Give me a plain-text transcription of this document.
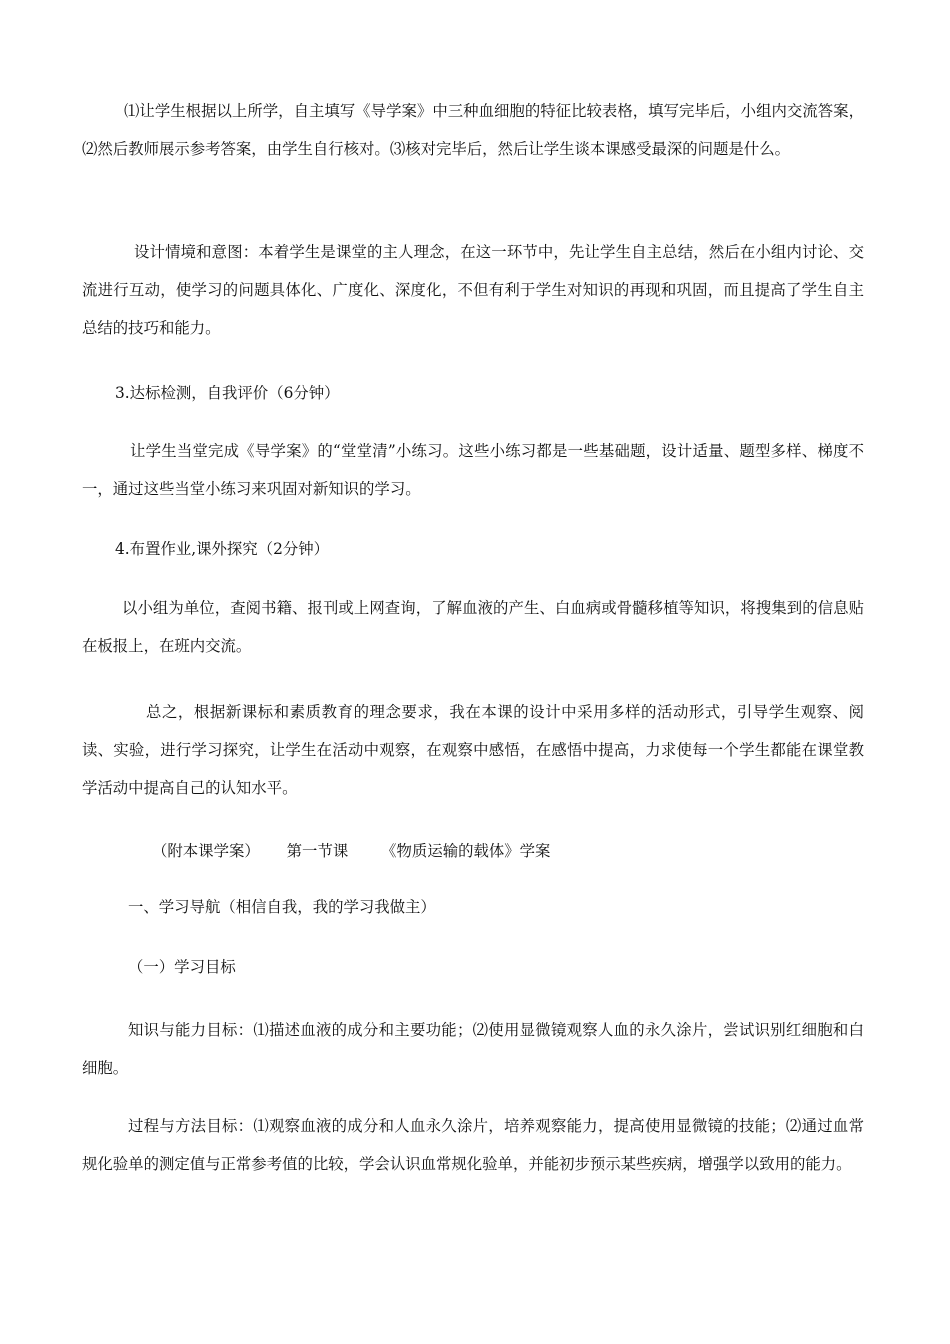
⑴让学生根据以上所学，自主填写《导学案》中三种血细胞的特征比较表格，填写完毕后，小组内交流答案，⑵然后教师展示参考答案，由学生自行核对。⑶核对完毕后，然后让学生谈本课感受最深的问题是什么。

设计情境和意图：本着学生是课堂的主人理念，在这一环节中，先让学生自主总结，然后在小组内讨论、交流进行互动，使学习的问题具体化、广度化、深度化，不但有利于学生对知识的再现和巩固，而且提高了学生自主总结的技巧和能力。

3.达标检测，自我评价（6分钟）

让学生当堂完成《导学案》的“堂堂清”小练习。这些小练习都是一些基础题，设计适量、题型多样、梯度不一，通过这些当堂小练习来巩固对新知识的学习。

4.布置作业,课外探究（2分钟）

以小组为单位，查阅书籍、报刊或上网查询，了解血液的产生、白血病或骨髓移植等知识，将搜集到的信息贴在板报上，在班内交流。

总之，根据新课标和素质教育的理念要求，我在本课的设计中采用多样的活动形式，引导学生观察、阅读、实验，进行学习探究，让学生在活动中观察，在观察中感悟，在感悟中提高，力求使每一个学生都能在课堂教学活动中提高自己的认知水平。

（附本课学案） 第一节课 《物质运输的载体》学案

一、学习导航（相信自我，我的学习我做主）

（一）学习目标

知识与能力目标：⑴描述血液的成分和主要功能；⑵使用显微镜观察人血的永久涂片，尝试识别红细胞和白细胞。

过程与方法目标：⑴观察血液的成分和人血永久涂片，培养观察能力，提高使用显微镜的技能；⑵通过血常规化验单的测定值与正常参考值的比较，学会认识血常规化验单，并能初步预示某些疾病，增强学以致用的能力。
